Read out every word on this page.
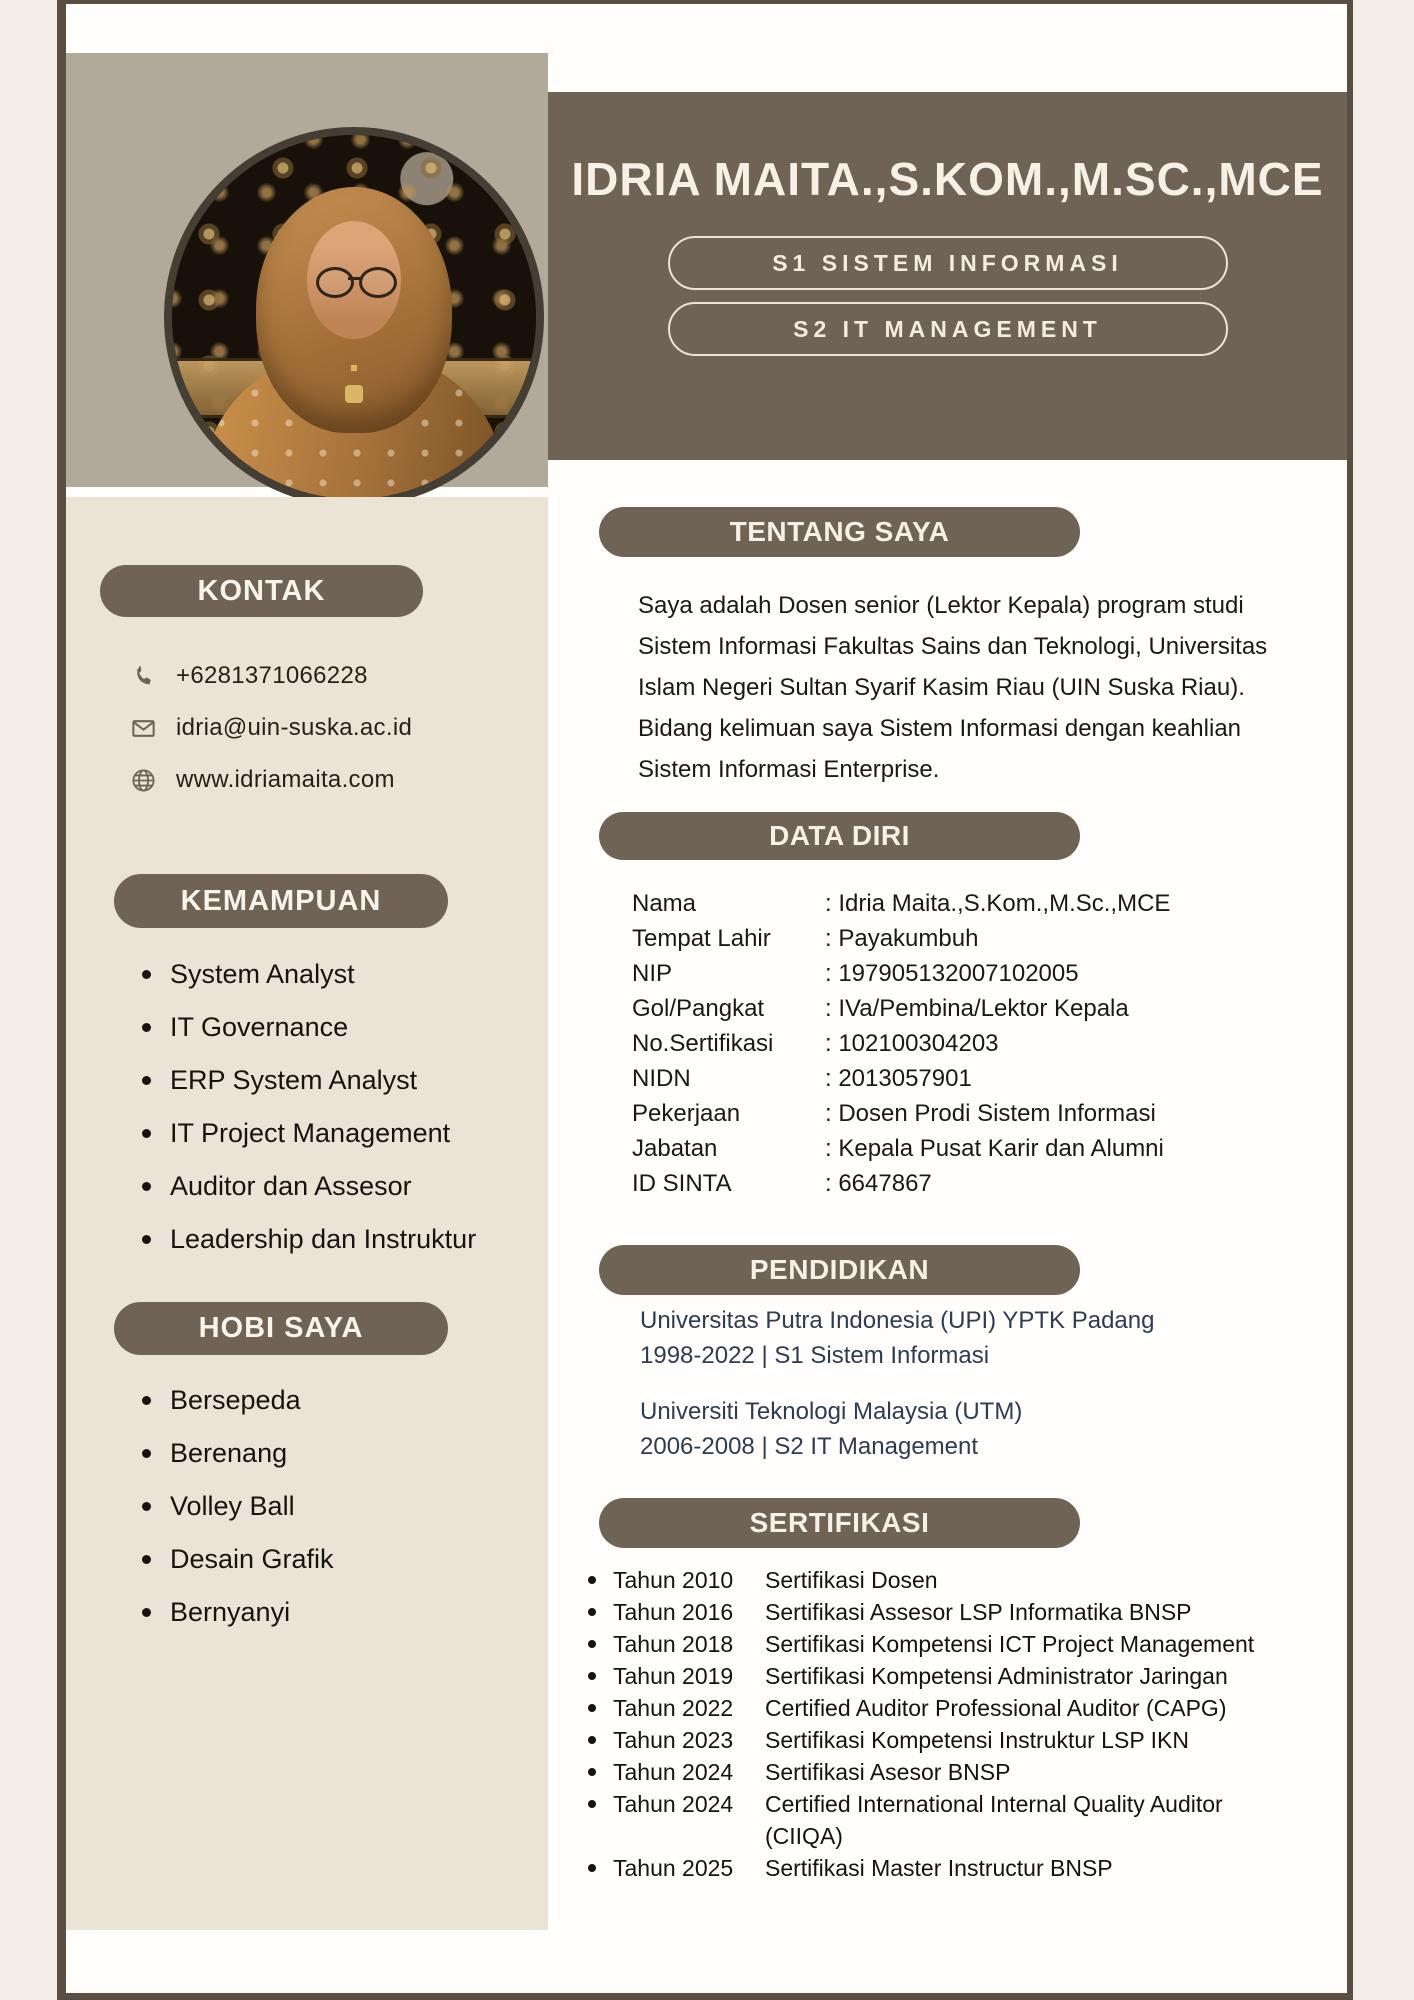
IDRIA MAITA.,S.KOM.,M.SC.,MCE
S1 SISTEM INFORMASI
S2 IT MANAGEMENT
KONTAK
+6281371066228
idria@uin-suska.ac.id
www.idriamaita.com
KEMAMPUAN
System Analyst
IT Governance
ERP System Analyst
IT Project Management
Auditor dan Assesor
Leadership dan Instruktur
HOBI SAYA
Bersepeda
Berenang
Volley Ball
Desain Grafik
Bernyanyi
TENTANG SAYA
Saya adalah Dosen senior (Lektor Kepala) program studi Sistem Informasi Fakultas Sains dan Teknologi, Universitas Islam Negeri Sultan Syarif Kasim Riau (UIN Suska Riau). Bidang kelimuan saya Sistem Informasi dengan keahlian Sistem Informasi Enterprise.
DATA DIRI
Nama	: Idria Maita.,S.Kom.,M.Sc.,MCE
Tempat Lahir	: Payakumbuh
NIP	: 197905132007102005
Gol/Pangkat	: IVa/Pembina/Lektor Kepala
No.Sertifikasi	: 102100304203
NIDN	: 2013057901
Pekerjaan	: Dosen Prodi Sistem Informasi
Jabatan	: Kepala Pusat Karir dan Alumni
ID SINTA	: 6647867
PENDIDIKAN
Universitas Putra Indonesia (UPI) YPTK Padang
1998-2022 | S1 Sistem Informasi
Universiti Teknologi Malaysia (UTM)
2006-2008 | S2 IT Management
SERTIFIKASI
Tahun 2010	Sertifikasi Dosen
Tahun 2016	Sertifikasi Assesor LSP Informatika BNSP
Tahun 2018	Sertifikasi Kompetensi ICT Project Management
Tahun 2019	Sertifikasi Kompetensi Administrator Jaringan
Tahun 2022	Certified Auditor Professional Auditor (CAPG)
Tahun 2023	Sertifikasi Kompetensi Instruktur LSP IKN
Tahun 2024	Sertifikasi Asesor BNSP
Tahun 2024	Certified International Internal Quality Auditor (CIIQA)
Tahun 2025	Sertifikasi Master Instructur BNSP
